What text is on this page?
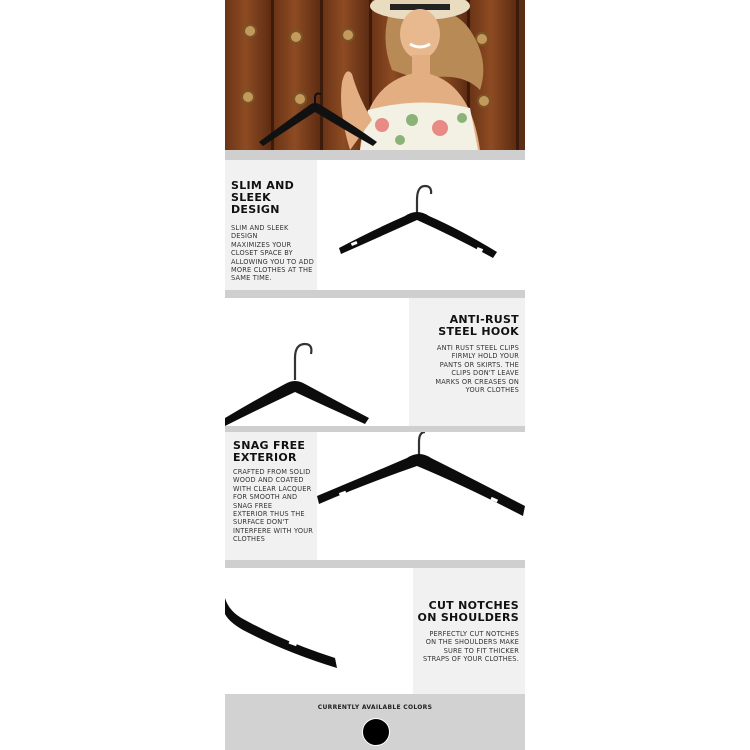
SLIM AND
SLEEK
DESIGN
SLIM AND SLEEK DESIGN
MAXIMIZES YOUR
CLOSET SPACE BY
ALLOWING YOU TO ADD
MORE CLOTHES AT THE
SAME TIME.
ANTI-RUST
STEEL HOOK
ANTI RUST STEEL CLIPS
FIRMLY HOLD YOUR
PANTS OR SKIRTS. THE
CLIPS DON'T LEAVE
MARKS OR CREASES ON
YOUR CLOTHES
SNAG FREE
EXTERIOR
CRAFTED FROM SOLID
WOOD AND COATED
WITH CLEAR LACQUER
FOR SMOOTH AND
SNAG FREE
EXTERIOR THUS THE
SURFACE DON'T
INTERFERE WITH YOUR
CLOTHES
CUT NOTCHES
ON SHOULDERS
PERFECTLY CUT NOTCHES
ON THE SHOULDERS MAKE
SURE TO FIT THICKER
STRAPS OF YOUR CLOTHES.
CURRENTLY AVAILABLE COLORS
